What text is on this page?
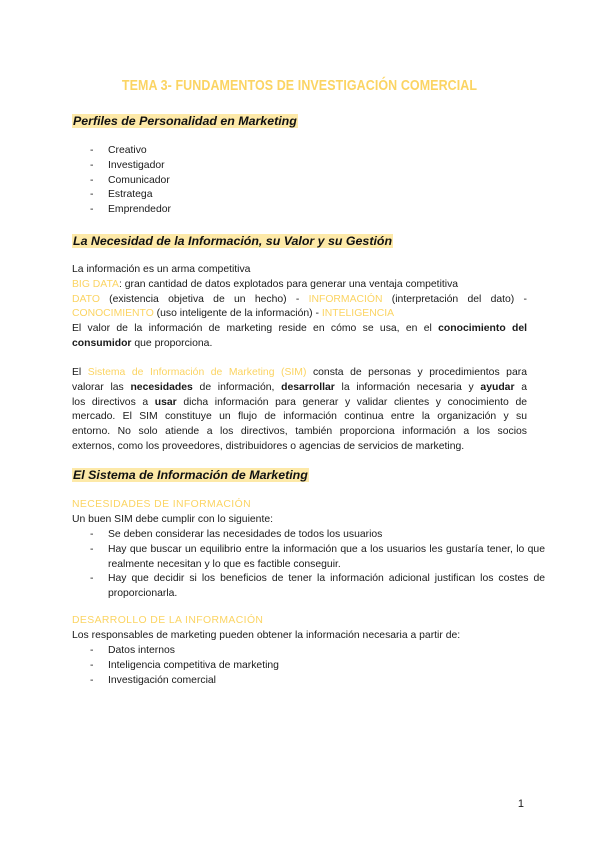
TEMA 3- FUNDAMENTOS DE INVESTIGACIÓN COMERCIAL
Perfiles de Personalidad en Marketing
- Creativo
- Investigador
- Comunicador
- Estratega
- Emprendedor
La Necesidad de la Información, su Valor y su Gestión
La información es un arma competitiva
BIG DATA: gran cantidad de datos explotados para generar una ventaja competitiva
DATO (existencia objetiva de un hecho) - INFORMACIÓN (interpretación del dato) -
CONOCIMIENTO (uso inteligente de la información) - INTELIGENCIA
El valor de la información de marketing reside en cómo se usa, en el conocimiento del
consumidor que proporciona.
El Sistema de Información de Marketing (SIM) consta de personas y procedimientos para
valorar las necesidades de información, desarrollar la información necesaria y ayudar a
los directivos a usar dicha información para generar y validar clientes y conocimiento de
mercado. El SIM constituye un flujo de información continua entre la organización y su
entorno. No solo atiende a los directivos, también proporciona información a los socios
externos, como los proveedores, distribuidores o agencias de servicios de marketing.
El Sistema de Información de Marketing
NECESIDADES DE INFORMACIÓN
Un buen SIM debe cumplir con lo siguiente:
- Se deben considerar las necesidades de todos los usuarios
- Hay que buscar un equilibrio entre la información que a los usuarios les gustaría tener, lo que realmente necesitan y lo que es factible conseguir.
- Hay que decidir si los beneficios de tener la información adicional justifican los costes de proporcionarla.
DESARROLLO DE LA INFORMACIÓN
Los responsables de marketing pueden obtener la información necesaria a partir de:
- Datos internos
- Inteligencia competitiva de marketing
- Investigación comercial
1
